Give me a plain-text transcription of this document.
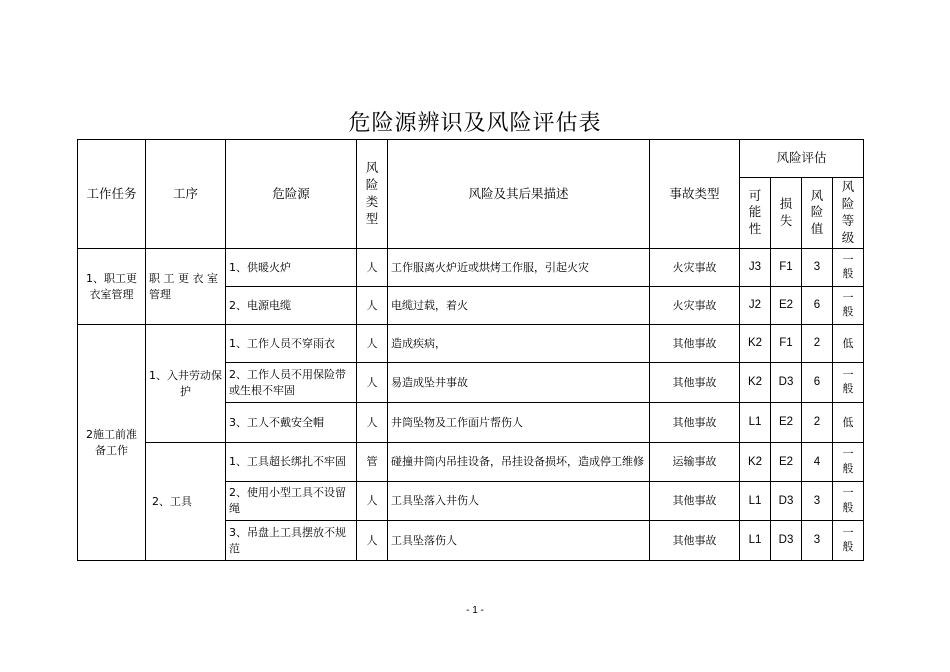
危险源辨识及风险评估表
工作任务	工序	危险源	风险类型	风险及其后果描述	事故类型	风险评估			
						可能性	损失	风险值	风险等级
1、职工更衣室管理	职 工 更 衣 室 管理	1、供暖火炉	人	工作服离火炉近或烘烤工作服，引起火灾	火灾事故	J3	F1	3	一般
		2、电源电缆	人	电缆过载，着火	火灾事故	J2	E2	6	一般
2施工前准备工作	1、入井劳动保护	1、工作人员不穿雨衣	人	造成疾病，	其他事故	K2	F1	2	低
		2、工作人员不用保险带或生根不牢固	人	易造成坠井事故	其他事故	K2	D3	6	一般
		3、工人不戴安全帽	人	井筒坠物及工作面片帮伤人	其他事故	L1	E2	2	低
	2、工具	1、工具超长绑扎不牢固	管	碰撞井筒内吊挂设备，吊挂设备损坏，造成停工维修	运输事故	K2	E2	4	一般
		2、使用小型工具不设留绳	人	工具坠落入井伤人	其他事故	L1	D3	3	一般
		3、吊盘上工具摆放不规范	人	工具坠落伤人	其他事故	L1	D3	3	一般
- 1 -
